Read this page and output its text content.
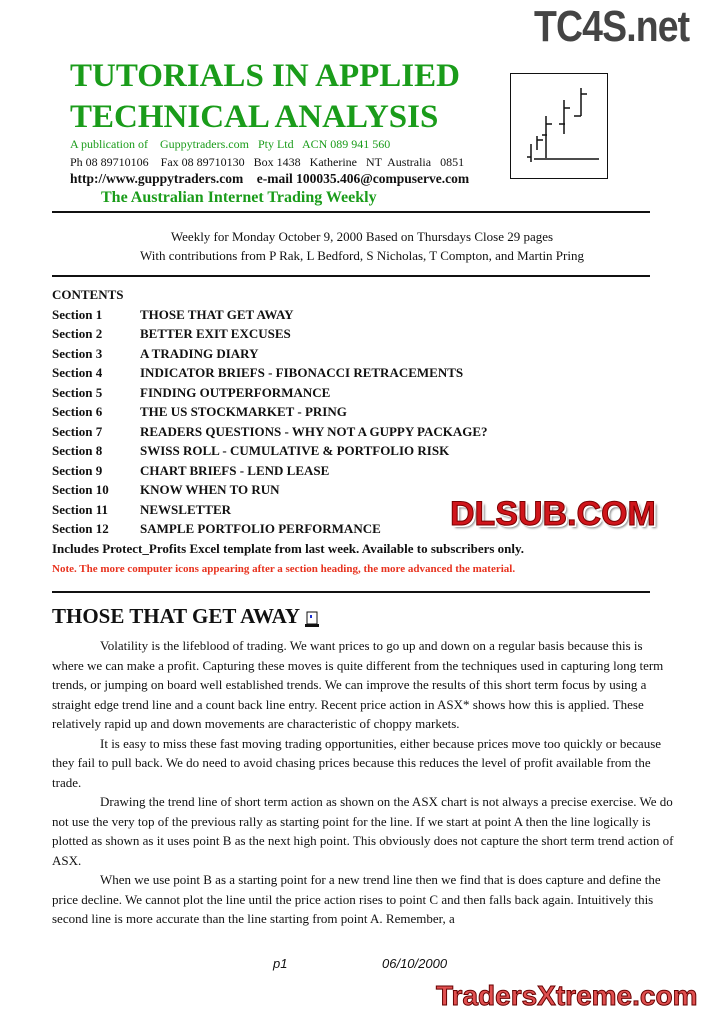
TUTORIALS IN APPLIED
TECHNICAL ANALYSIS
A publication of    Guppytraders.com   Pty Ltd   ACN 089 941 560
Ph 08 89710106    Fax 08 89710130   Box 1438   Katherine   NT  Australia   0851
http://www.guppytraders.com    e-mail 100035.406@compuserve.com
The Australian Internet Trading Weekly
Weekly for Monday October 9, 2000 Based on Thursdays Close 29 pages
With contributions from P Rak, L Bedford, S Nicholas, T Compton, and Martin Pring
CONTENTS
Section 1	THOSE THAT GET AWAY
Section 2	BETTER EXIT EXCUSES
Section 3	A TRADING DIARY
Section 4	INDICATOR BRIEFS - FIBONACCI RETRACEMENTS
Section 5	FINDING OUTPERFORMANCE
Section 6	THE US STOCKMARKET - PRING
Section 7	READERS QUESTIONS - WHY NOT A GUPPY PACKAGE?
Section 8	SWISS ROLL - CUMULATIVE & PORTFOLIO RISK
Section 9	CHART BRIEFS - LEND LEASE
Section 10	KNOW WHEN TO RUN
Section 11	NEWSLETTER
Section 12	SAMPLE PORTFOLIO PERFORMANCE
Includes Protect_Profits Excel template from last week. Available to subscribers only.
Note. The more computer icons appearing after a section heading, the more advanced the material.
THOSE THAT GET AWAY

Volatility is the lifeblood of trading. We want prices to go up and down on a regular basis because this is where we can make a profit. Capturing these moves is quite different from the techniques used in capturing long term trends, or jumping on board well established trends. We can improve the results of this short term focus by using a straight edge trend line and a count back line entry. Recent price action in ASX* shows how this is applied. These relatively rapid up and down movements are characteristic of choppy markets.

It is easy to miss these fast moving trading opportunities, either because prices move too quickly or because they fail to pull back. We do need to avoid chasing prices because this reduces the level of profit available from the trade.

Drawing the trend line of short term action as shown on the ASX chart is not always a precise exercise. We do not use the very top of the previous rally as starting point for the line. If we start at point A then the line logically is plotted as shown as it uses point B as the next high point. This obviously does not capture the short term trend action of ASX.

When we use point B as a starting point for a new trend line then we find that is does capture and define the price decline. We cannot plot the line until the price action rises to point C and then falls back again. Intuitively this second line is more accurate than the line starting from point A. Remember, a

p1	06/10/2000
TC4S.net
DLSUB.COM
TradersXtreme.com
